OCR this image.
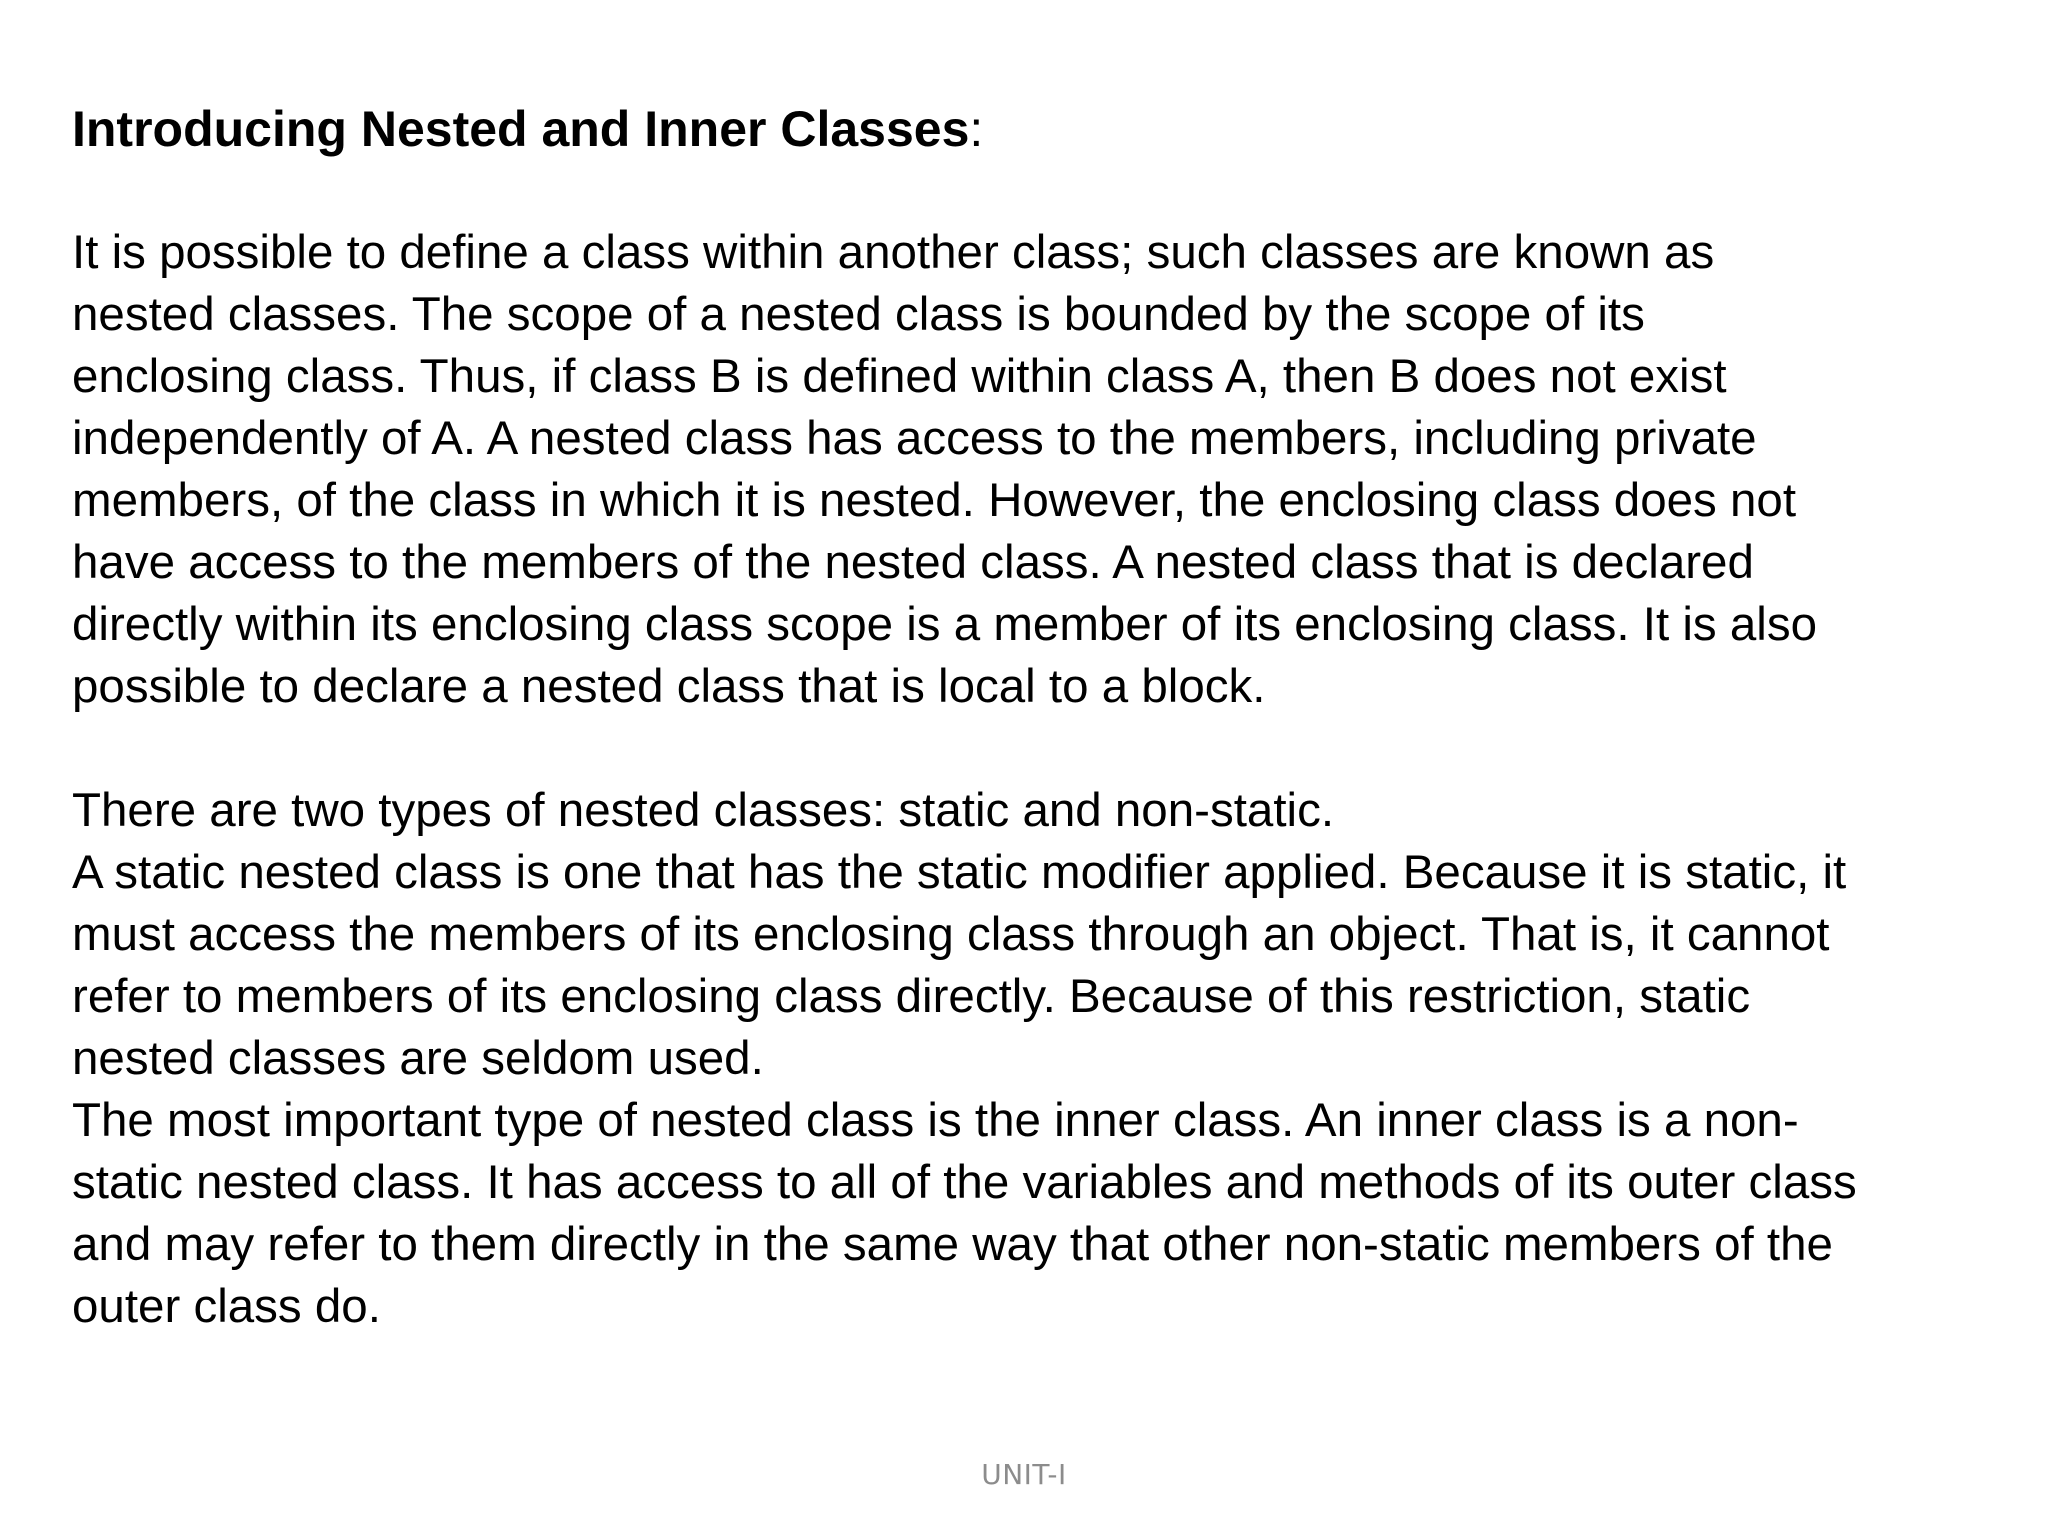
Introducing Nested and Inner Classes:

It is possible to define a class within another class; such classes are known as
nested classes. The scope of a nested class is bounded by the scope of its
enclosing class. Thus, if class B is defined within class A, then B does not exist
independently of A. A nested class has access to the members, including private
members, of the class in which it is nested. However, the enclosing class does not
have access to the members of the nested class. A nested class that is declared
directly within its enclosing class scope is a member of its enclosing class. It is also
possible to declare a nested class that is local to a block.

There are two types of nested classes: static and non-static.
A static nested class is one that has the static modifier applied. Because it is static, it
must access the members of its enclosing class through an object. That is, it cannot
refer to members of its enclosing class directly. Because of this restriction, static
nested classes are seldom used.
The most important type of nested class is the inner class. An inner class is a non-
static nested class. It has access to all of the variables and methods of its outer class
and may refer to them directly in the same way that other non-static members of the
outer class do.

UNIT-I
